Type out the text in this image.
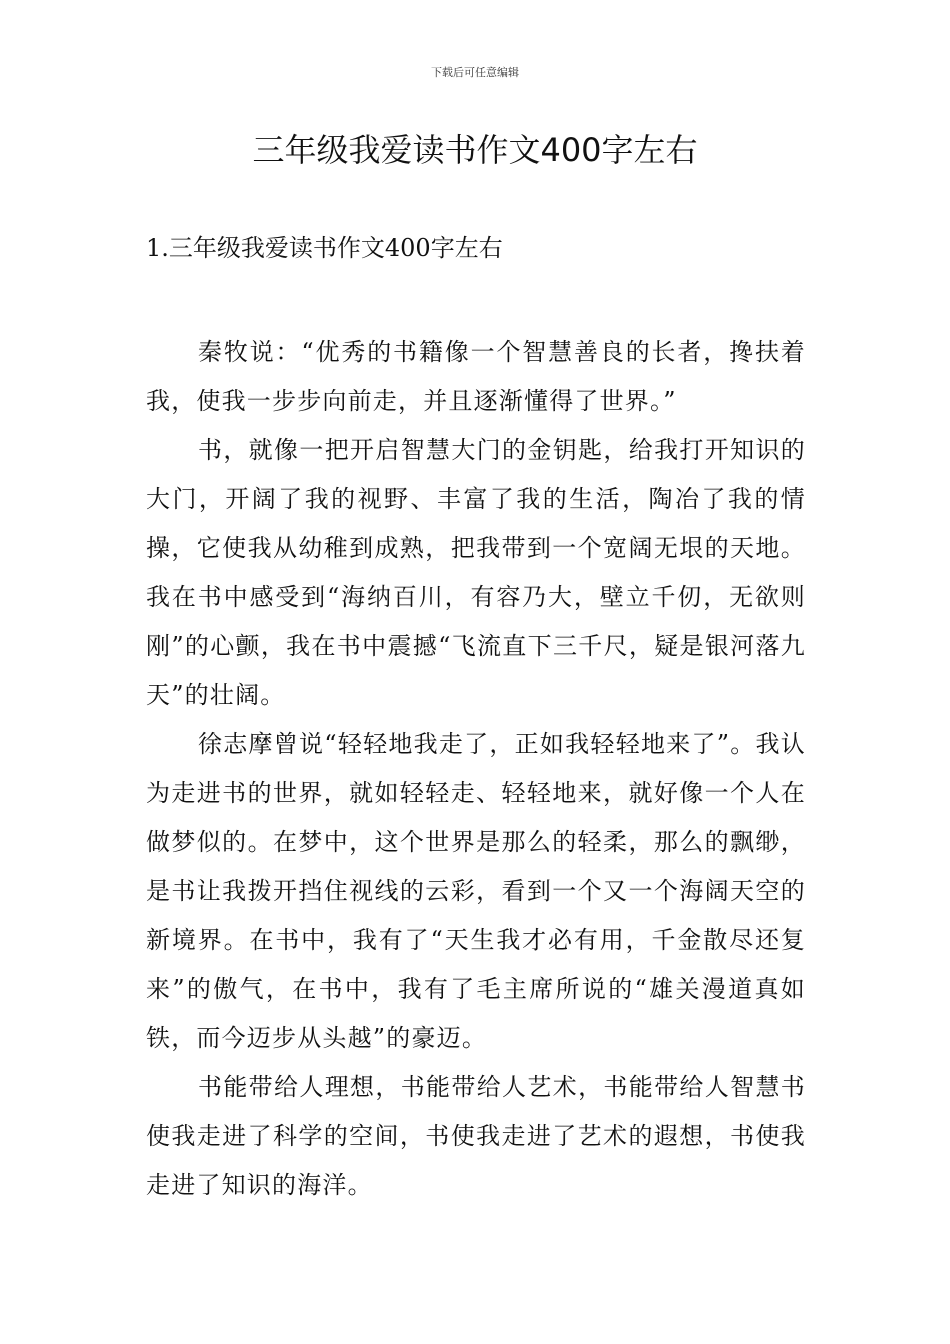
下载后可任意编辑
三年级我爱读书作文400字左右
1.三年级我爱读书作文400字左右

秦牧说：“优秀的书籍像一个智慧善良的长者，搀扶着我，使我一步步向前走，并且逐渐懂得了世界。”

书，就像一把开启智慧大门的金钥匙，给我打开知识的大门，开阔了我的视野、丰富了我的生活，陶冶了我的情操，它使我从幼稚到成熟，把我带到一个宽阔无垠的天地。我在书中感受到“海纳百川，有容乃大，壁立千仞，无欲则刚”的心颤，我在书中震撼“飞流直下三千尺，疑是银河落九天”的壮阔。

徐志摩曾说“轻轻地我走了，正如我轻轻地来了”。我认为走进书的世界，就如轻轻走、轻轻地来，就好像一个人在做梦似的。在梦中，这个世界是那么的轻柔，那么的飘缈，是书让我拨开挡住视线的云彩，看到一个又一个海阔天空的新境界。在书中，我有了“天生我才必有用，千金散尽还复来”的傲气，在书中，我有了毛主席所说的“雄关漫道真如铁，而今迈步从头越”的豪迈。

书能带给人理想，书能带给人艺术，书能带给人智慧书使我走进了科学的空间，书使我走进了艺术的遐想，书使我走进了知识的海洋。
